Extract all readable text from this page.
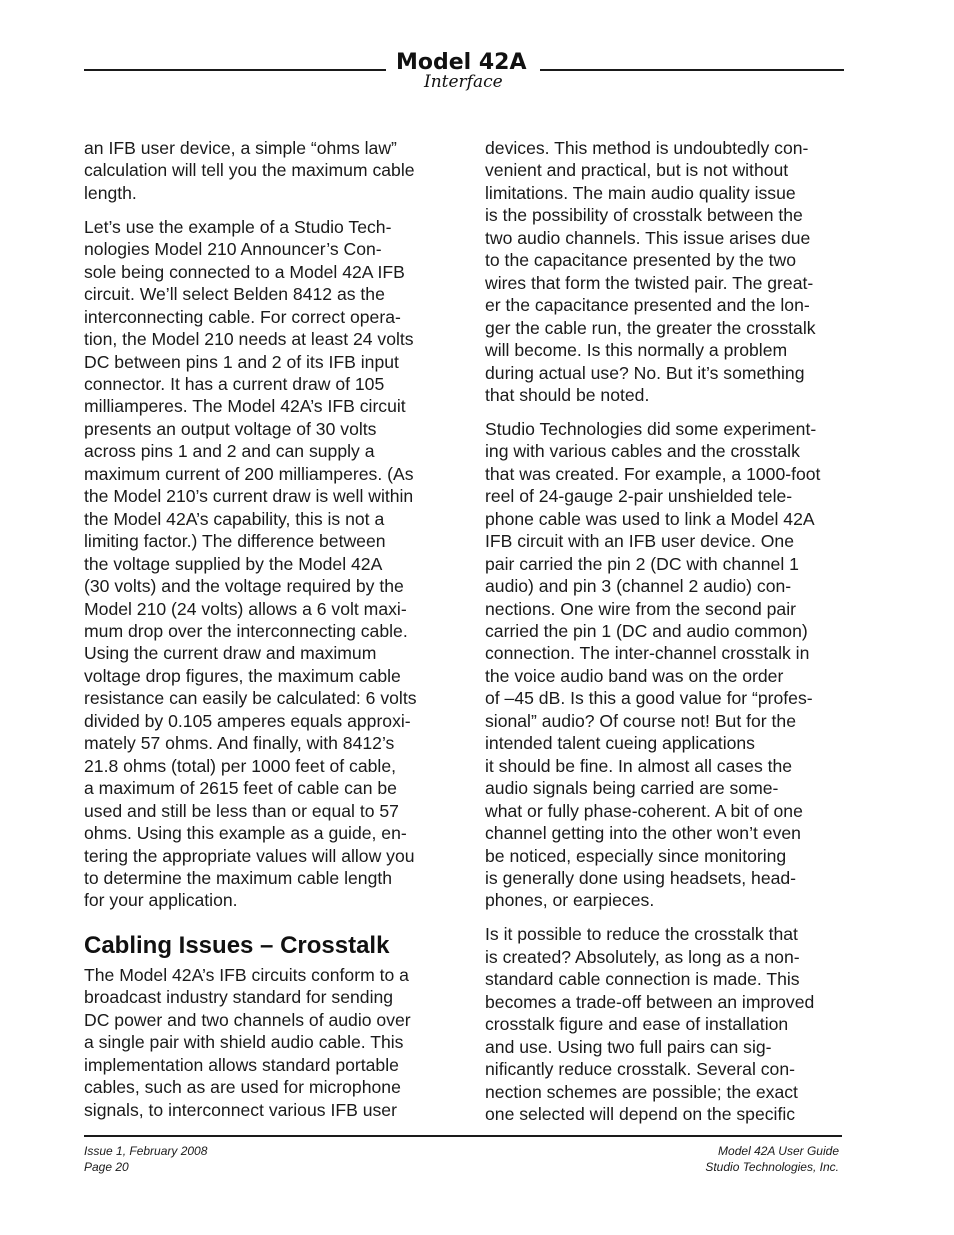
Model 42A
Interface

an IFB user device, a simple “ohms law”
calculation will tell you the maximum cable
length.

Let’s use the example of a Studio Tech-
nologies Model 210 Announcer’s Con-
sole being connected to a Model 42A IFB
circuit. We’ll select Belden 8412 as the
interconnecting cable. For correct opera-
tion, the Model 210 needs at least 24 volts
DC between pins 1 and 2 of its IFB input
connector. It has a current draw of 105
milliamperes. The Model 42A’s IFB circuit
presents an output voltage of 30 volts
across pins 1 and 2 and can supply a
maximum current of 200 milliamperes. (As
the Model 210’s current draw is well within
the Model 42A’s capability, this is not a
limiting factor.) The difference between
the voltage supplied by the Model 42A
(30 volts) and the voltage required by the
Model 210 (24 volts) allows a 6 volt maxi-
mum drop over the interconnecting cable.
Using the current draw and maximum
voltage drop figures, the maximum cable
resistance can easily be calculated: 6 volts
divided by 0.105 amperes equals approxi-
mately 57 ohms. And finally, with 8412’s
21.8 ohms (total) per 1000 feet of cable,
a maximum of 2615 feet of cable can be
used and still be less than or equal to 57
ohms. Using this example as a guide, en-
tering the appropriate values will allow you
to determine the maximum cable length
for your application.

Cabling Issues – Crosstalk

The Model 42A’s IFB circuits conform to a
broadcast industry standard for sending
DC power and two channels of audio over
a single pair with shield audio cable. This
implementation allows standard portable
cables, such as are used for microphone
signals, to interconnect various IFB user

devices. This method is undoubtedly con-
venient and practical, but is not without
limitations. The main audio quality issue
is the possibility of crosstalk between the
two audio channels. This issue arises due
to the capacitance presented by the two
wires that form the twisted pair. The great-
er the capacitance presented and the lon-
ger the cable run, the greater the crosstalk
will become. Is this normally a problem
during actual use? No. But it’s something
that should be noted.

Studio Technologies did some experiment-
ing with various cables and the crosstalk
that was created. For example, a 1000-foot
reel of 24-gauge 2-pair unshielded tele-
phone cable was used to link a Model 42A
IFB circuit with an IFB user device. One
pair carried the pin 2 (DC with channel 1
audio) and pin 3 (channel 2 audio) con-
nections. One wire from the second pair
carried the pin 1 (DC and audio common)
connection. The inter-channel crosstalk in
the voice audio band was on the order
of –45 dB. Is this a good value for “profes-
sional” audio? Of course not! But for the
intended talent cueing applications
it should be fine. In almost all cases the
audio signals being carried are some-
what or fully phase-coherent. A bit of one
channel getting into the other won’t even
be noticed, especially since monitoring
is generally done using headsets, head-
phones, or earpieces.

Is it possible to reduce the crosstalk that
is created? Absolutely, as long as a non-
standard cable connection is made. This
becomes a trade-off between an improved
crosstalk figure and ease of installation
and use. Using two full pairs can sig-
nificantly reduce crosstalk. Several con-
nection schemes are possible; the exact
one selected will depend on the specific

Issue 1, February 2008
Page 20
Model 42A User Guide
Studio Technologies, Inc.
